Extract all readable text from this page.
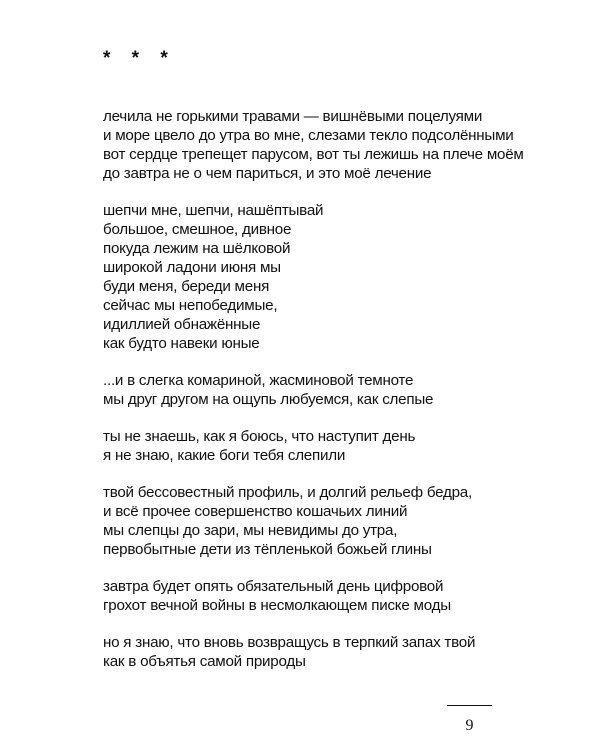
* * *
лечила не горькими травами — вишнёвыми поцелуями
и море цвело до утра во мне, слезами текло подсолёнными
вот сердце трепещет парусом, вот ты лежишь на плече моём
до завтра не о чем париться, и это моё лечение
шепчи мне, шепчи, нашёптывай
большое, смешное, дивное
покуда лежим на шёлковой
широкой ладони июня мы
буди меня, береди меня
сейчас мы непобедимые,
идиллией обнажённые
как будто навеки юные
...и в слегка комариной, жасминовой темноте
мы друг другом на ощупь любуемся, как слепые
ты не знаешь, как я боюсь, что наступит день
я не знаю, какие боги тебя слепили
твой бессовестный профиль, и долгий рельеф бедра,
и всё прочее совершенство кошачьих линий
мы слепцы до зари, мы невидимы до утра,
первобытные дети из тёпленькой божьей глины
завтра будет опять обязательный день цифровой
грохот вечной войны в несмолкающем писке моды
но я знаю, что вновь возвращусь в терпкий запах твой
как в объятья самой природы
9
